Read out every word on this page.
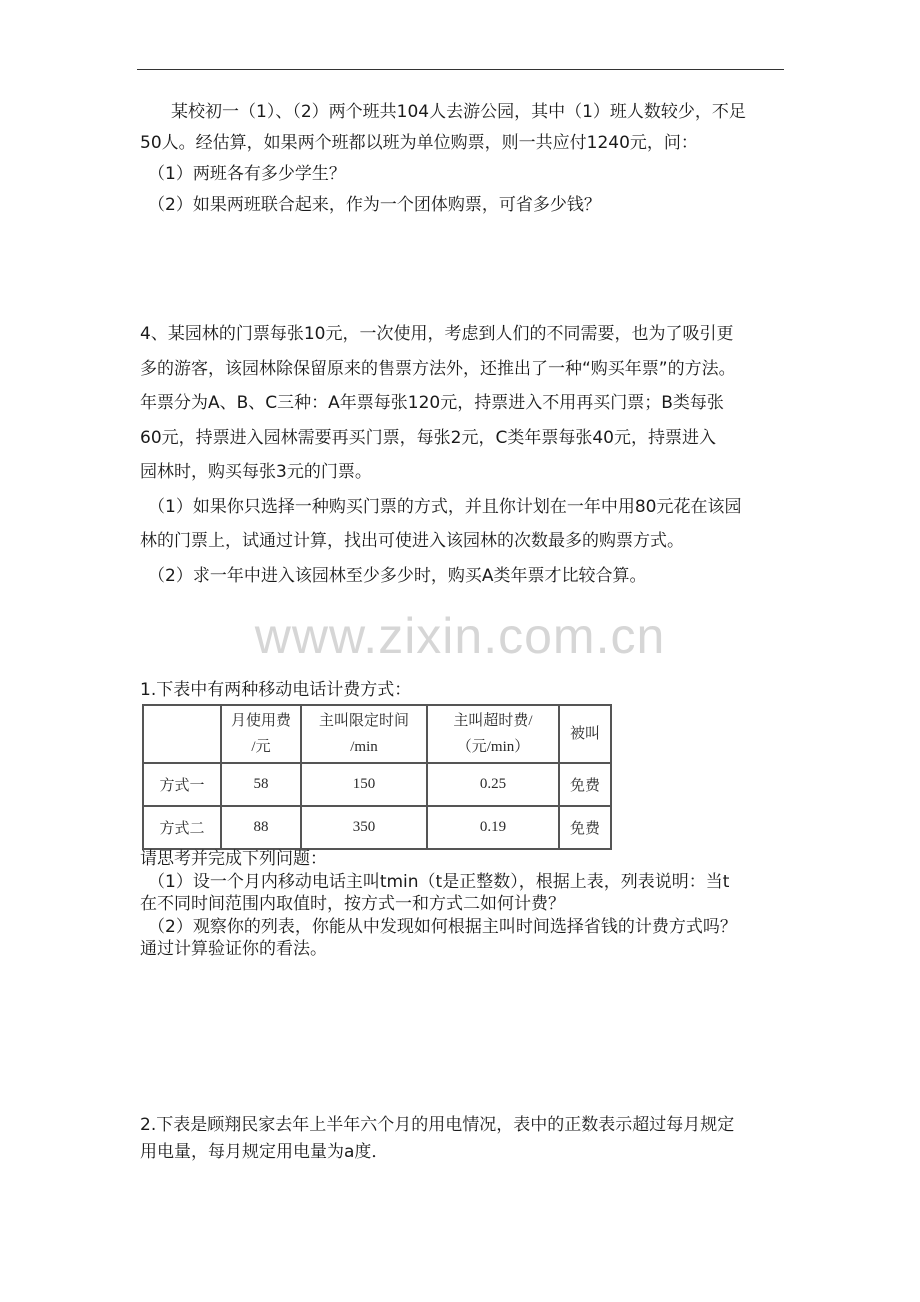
某校初一（1）、（2）两个班共104人去游公园，其中（1）班人数较少，不足
50人。经估算，如果两个班都以班为单位购票，则一共应付1240元，问：
（1）两班各有多少学生？
（2）如果两班联合起来，作为一个团体购票，可省多少钱？
4、某园林的门票每张10元，一次使用，考虑到人们的不同需要，也为了吸引更
多的游客，该园林除保留原来的售票方法外，还推出了一种“购买年票”的方法。
年票分为A、B、C三种：A年票每张120元，持票进入不用再买门票；B类每张
60元，持票进入园林需要再买门票，每张2元，C类年票每张40元，持票进入
园林时，购买每张3元的门票。
（1）如果你只选择一种购买门票的方式，并且你计划在一年中用80元花在该园
林的门票上，试通过计算，找出可使进入该园林的次数最多的购票方式。
（2）求一年中进入该园林至少多少时，购买A类年票才比较合算。
www.zixin.com.cn
1.下表中有两种移动电话计费方式：
	月使用费
/元	主叫限定时间
/min	主叫超时费/
（元/min）	被叫
方式一	58	150	0.25	免费
方式二	88	350	0.19	免费
请思考并完成下列问题：
（1）设一个月内移动电话主叫tmin（t是正整数），根据上表，列表说明：当t
在不同时间范围内取值时，按方式一和方式二如何计费？
（2）观察你的列表，你能从中发现如何根据主叫时间选择省钱的计费方式吗？
通过计算验证你的看法。
2.下表是顾翔民家去年上半年六个月的用电情况，表中的正数表示超过每月规定
用电量，每月规定用电量为a度．
